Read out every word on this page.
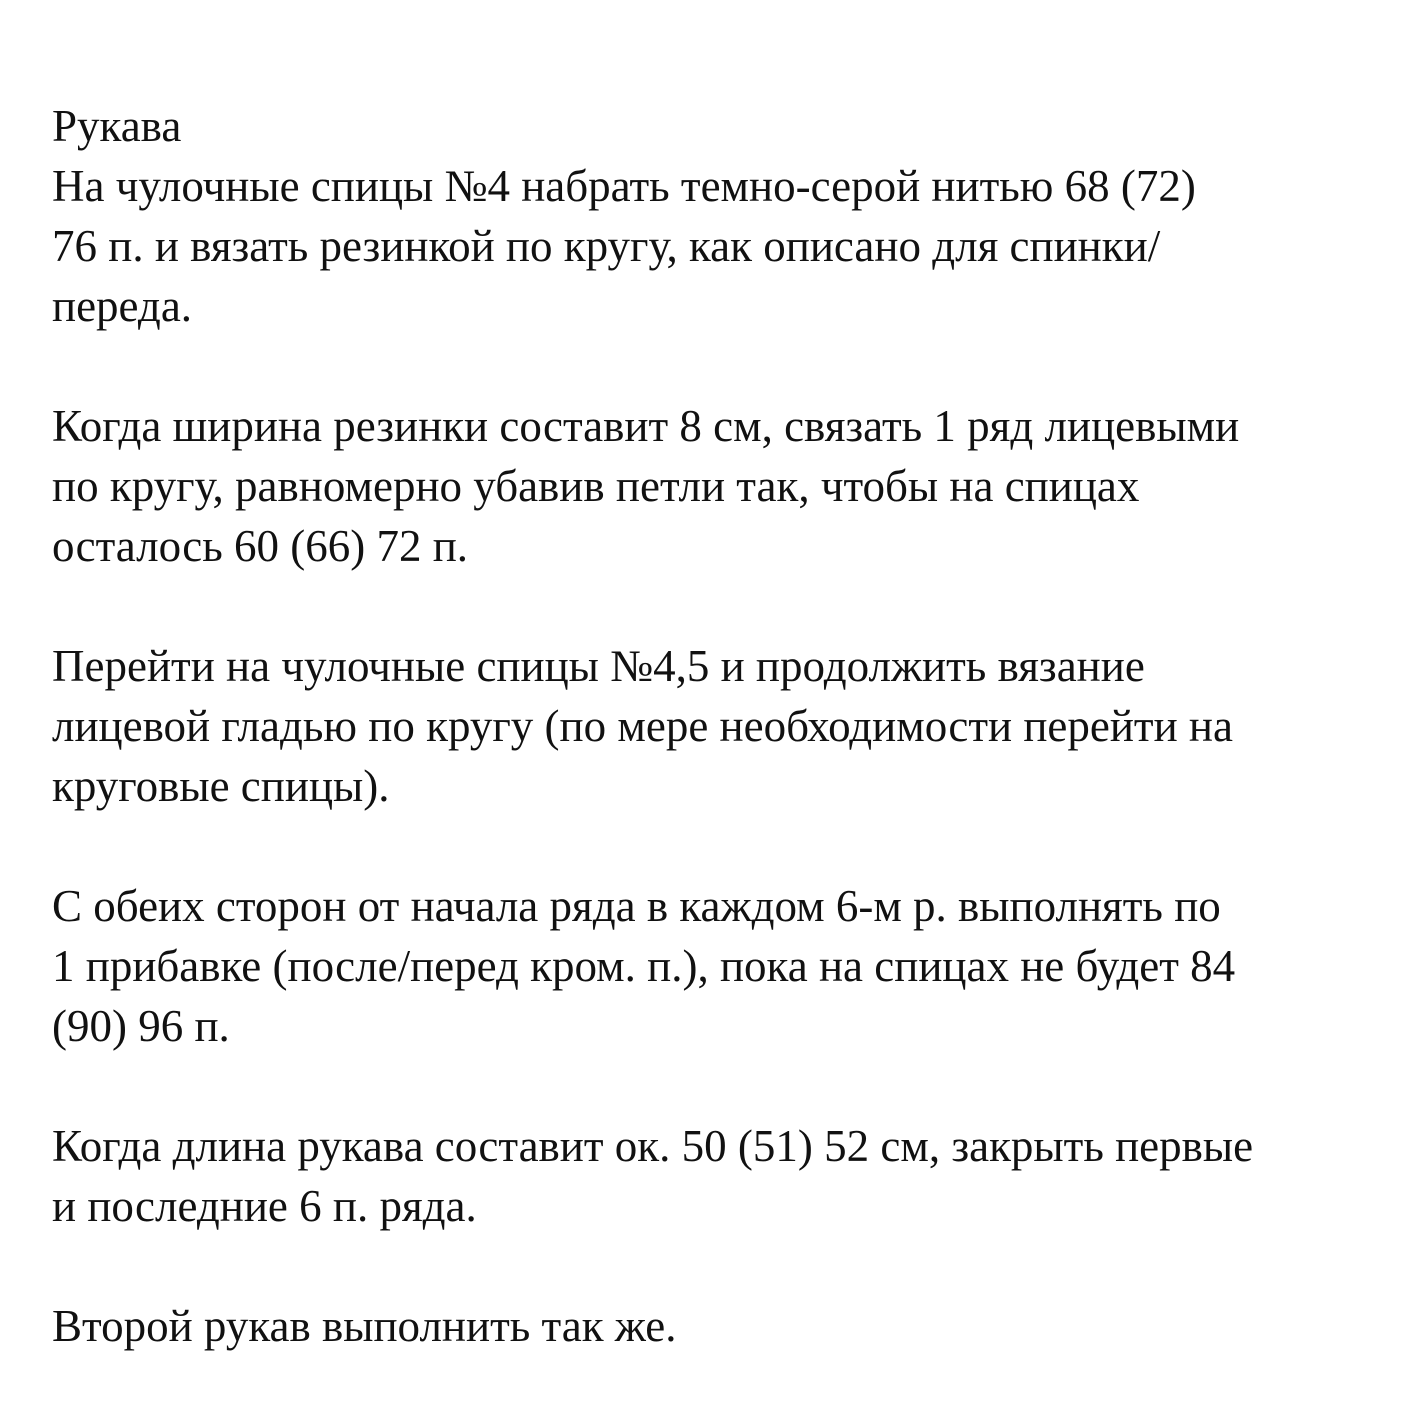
Рукава
На чулочные спицы №4 набрать темно-серой нитью 68 (72)
76 п. и вязать резинкой по кругу, как описано для спинки/
переда.
Когда ширина резинки составит 8 см, связать 1 ряд лицевыми
по кругу, равномерно убавив петли так, чтобы на спицах
осталось 60 (66) 72 п.
Перейти на чулочные спицы №4,5 и продолжить вязание
лицевой гладью по кругу (по мере необходимости перейти на
круговые спицы).
С обеих сторон от начала ряда в каждом 6-м р. выполнять по
1 прибавке (после/перед кром. п.), пока на спицах не будет 84
(90) 96 п.
Когда длина рукава составит ок. 50 (51) 52 см, закрыть первые
и последние 6 п. ряда.
Второй рукав выполнить так же.
